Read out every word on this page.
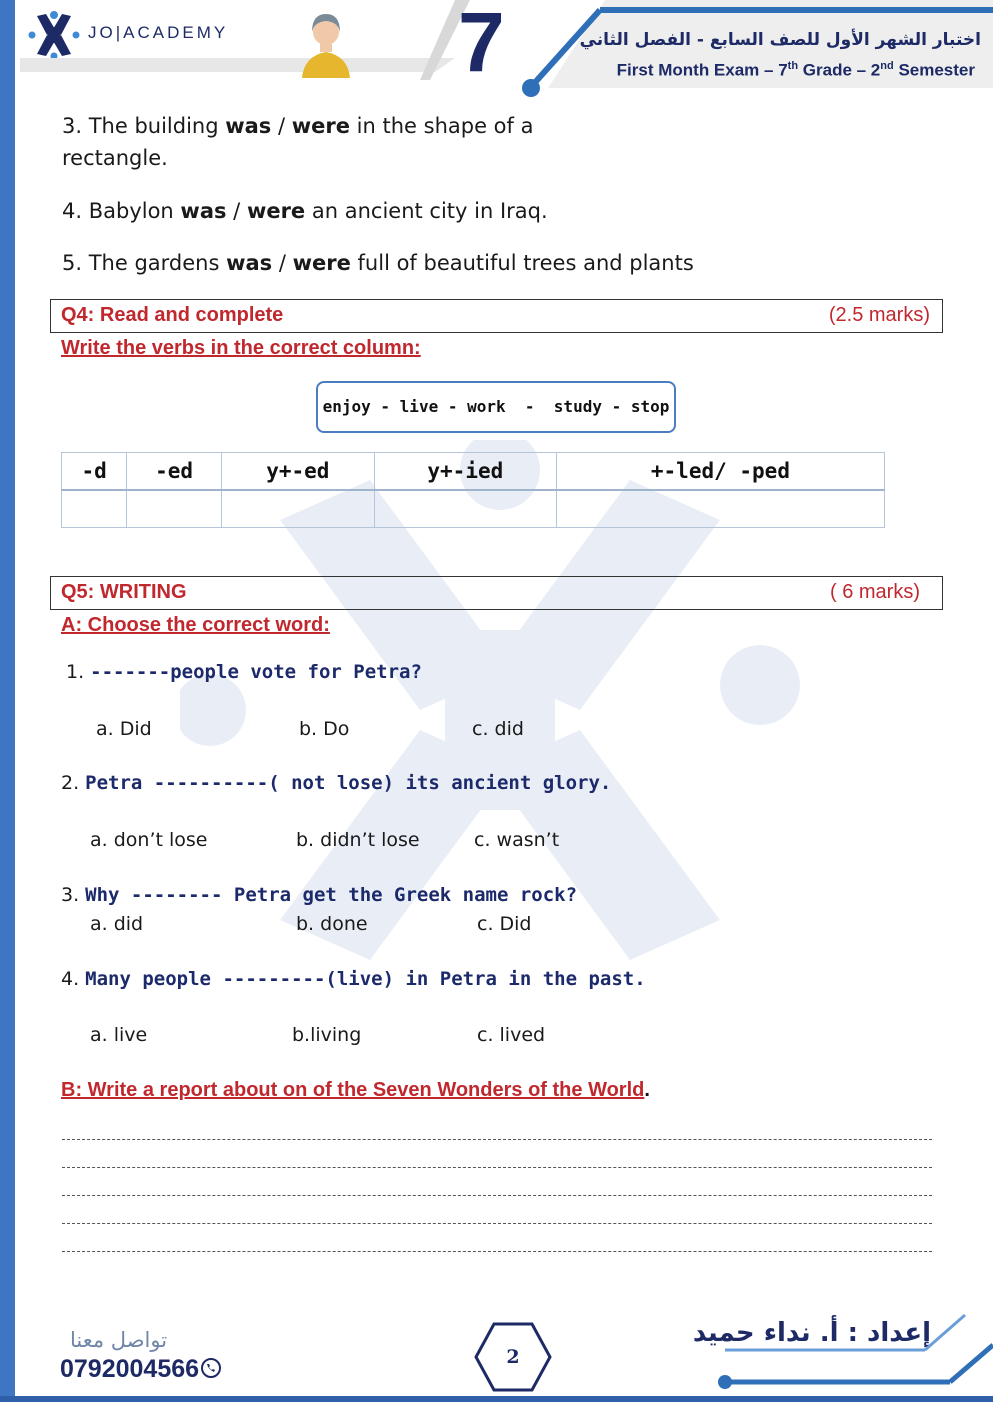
JO|ACADEMY	7	اختبار الشهر الأول للصف السابع - الفصل الثاني
First Month Exam – 7th Grade – 2nd Semester
3. The building was / were in the shape of a
rectangle.
4. Babylon was / were an ancient city in Iraq.
5. The gardens was / were full of beautiful trees and plants
Q4: Read and complete	(2.5 marks)
Write the verbs in the correct column:
enjoy - live - work  -  study - stop
-d	-ed	y+-ed	y+-ied	+-led/ -ped

Q5: WRITING	( 6 marks)
A: Choose the correct word:
1. -------people vote for Petra?
a. Did	b. Do	c. did
2. Petra ----------( not lose) its ancient glory.
a. don’t lose	b. didn’t lose	c. wasn’t
3. Why -------- Petra get the Greek name rock?
a. did	b. done	c. Did
4. Many people ---------(live) in Petra in the past.
a. live	b.living	c. lived
B: Write a report about on of the Seven Wonders of the World.
تواصل معنا
0792004566	2
إعداد : أ. نداء حميد
